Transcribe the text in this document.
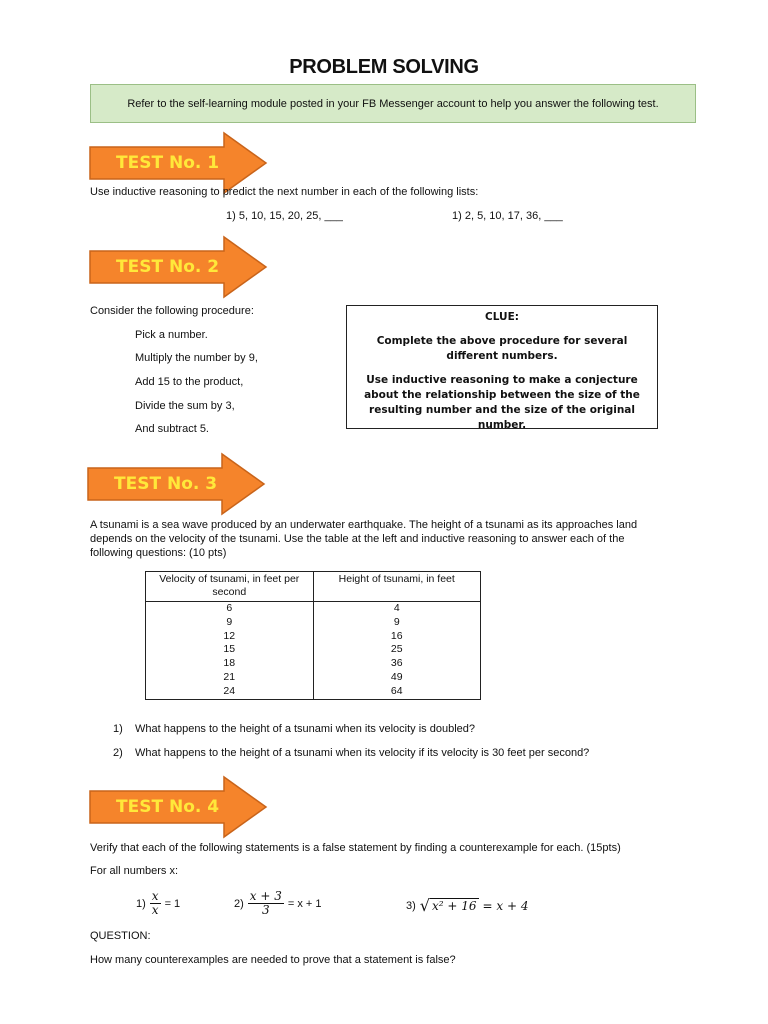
PROBLEM SOLVING
Refer to the self-learning module posted in your FB Messenger account to help you answer the following test.
TEST No. 1
Use inductive reasoning to predict the next number in each of the following lists:
1) 5, 10, 15, 20, 25, ___	1) 2, 5, 10, 17, 36, ___
TEST No. 2
Consider the following procedure:
Pick a number.
Multiply the number by 9,
Add 15 to the product,
Divide the sum by 3,
And subtract 5.

CLUE:

Complete the above procedure for several different numbers.

Use inductive reasoning to make a conjecture about the relationship between the size of the resulting number and the size of the original number.

TEST No. 3
A tsunami is a sea wave produced by an underwater earthquake. The height of a tsunami as its approaches land depends on the velocity of the tsunami. Use the table at the left and inductive reasoning to answer each of the following questions: (10 pts)
Velocity of tsunami, in feet per second	Height of tsunami, in feet
6	4
9	9
12	16
15	25
18	36
21	49
24	64
1) What happens to the height of a tsunami when its velocity is doubled?
2) What happens to the height of a tsunami when its velocity if its velocity is 30 feet per second?
TEST No. 4
Verify that each of the following statements is a false statement by finding a counterexample for each. (15pts)
For all numbers x:
$1) \frac{x}{x} = 1$	$2) \frac{x + 3}{3} = x + 1$	3) √ x² + 16 = x + 4
QUESTION:
How many counterexamples are needed to prove that a statement is false?
